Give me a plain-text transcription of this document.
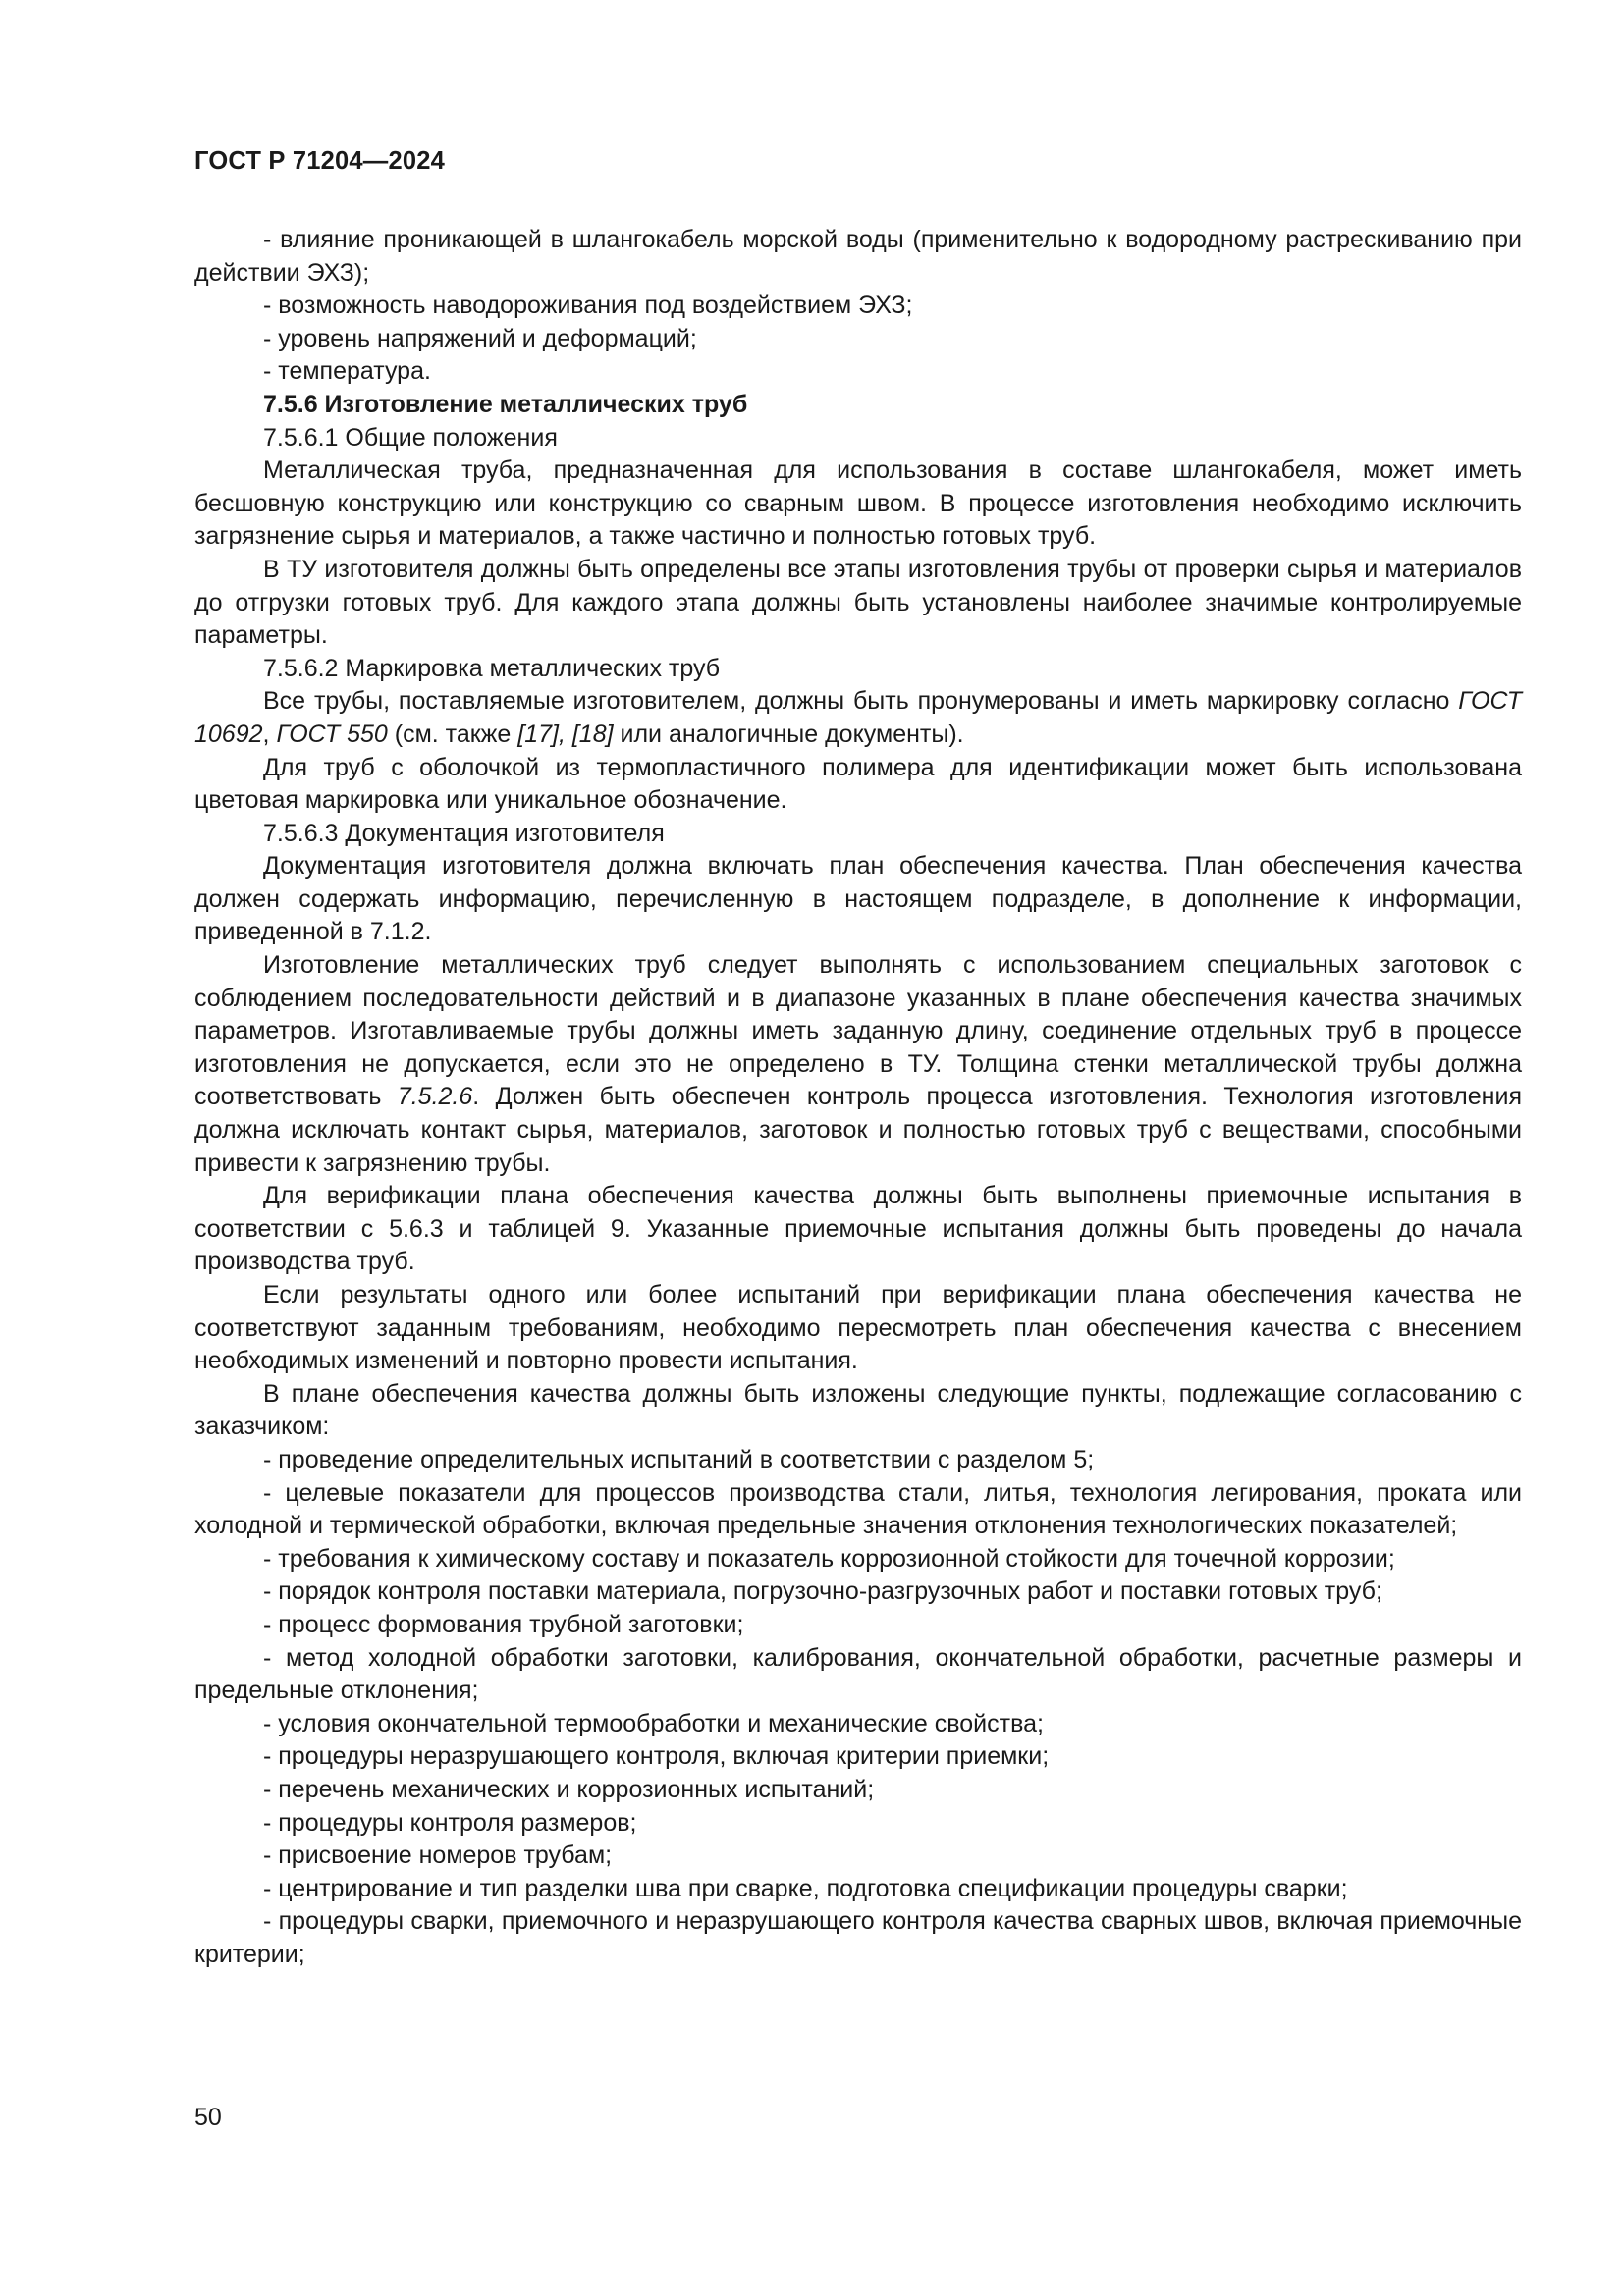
ГОСТ Р 71204—2024

- влияние проникающей в шлангокабель морской воды (применительно к водородному растрескиванию при действии ЭХЗ);

- возможность наводороживания под воздействием ЭХЗ;

- уровень напряжений и деформаций;

- температура.

7.5.6 Изготовление металлических труб

7.5.6.1 Общие положения

Металлическая труба, предназначенная для использования в составе шлангокабеля, может иметь бесшовную конструкцию или конструкцию со сварным швом. В процессе изготовления необходимо исключить загрязнение сырья и материалов, а также частично и полностью готовых труб.

В ТУ изготовителя должны быть определены все этапы изготовления трубы от проверки сырья и материалов до отгрузки готовых труб. Для каждого этапа должны быть установлены наиболее значимые контролируемые параметры.

7.5.6.2 Маркировка металлических труб

Все трубы, поставляемые изготовителем, должны быть пронумерованы и иметь маркировку согласно ГОСТ 10692, ГОСТ 550 (см. также [17], [18] или аналогичные документы).

Для труб с оболочкой из термопластичного полимера для идентификации может быть использована цветовая маркировка или уникальное обозначение.

7.5.6.3 Документация изготовителя

Документация изготовителя должна включать план обеспечения качества. План обеспечения качества должен содержать информацию, перечисленную в настоящем подразделе, в дополнение к информации, приведенной в 7.1.2.

Изготовление металлических труб следует выполнять с использованием специальных заготовок с соблюдением последовательности действий и в диапазоне указанных в плане обеспечения качества значимых параметров. Изготавливаемые трубы должны иметь заданную длину, соединение отдельных труб в процессе изготовления не допускается, если это не определено в ТУ. Толщина стенки металлической трубы должна соответствовать 7.5.2.6. Должен быть обеспечен контроль процесса изготовления. Технология изготовления должна исключать контакт сырья, материалов, заготовок и полностью готовых труб с веществами, способными привести к загрязнению трубы.

Для верификации плана обеспечения качества должны быть выполнены приемочные испытания в соответствии с 5.6.3 и таблицей 9. Указанные приемочные испытания должны быть проведены до начала производства труб.

Если результаты одного или более испытаний при верификации плана обеспечения качества не соответствуют заданным требованиям, необходимо пересмотреть план обеспечения качества с внесением необходимых изменений и повторно провести испытания.

В плане обеспечения качества должны быть изложены следующие пункты, подлежащие согласованию с заказчиком:

- проведение определительных испытаний в соответствии с разделом 5;

- целевые показатели для процессов производства стали, литья, технология легирования, проката или холодной и термической обработки, включая предельные значения отклонения технологических показателей;

- требования к химическому составу и показатель коррозионной стойкости для точечной коррозии;

- порядок контроля поставки материала, погрузочно-разгрузочных работ и поставки готовых труб;

- процесс формования трубной заготовки;

- метод холодной обработки заготовки, калибрования, окончательной обработки, расчетные размеры и предельные отклонения;

- условия окончательной термообработки и механические свойства;

- процедуры неразрушающего контроля, включая критерии приемки;

- перечень механических и коррозионных испытаний;

- процедуры контроля размеров;

- присвоение номеров трубам;

- центрирование и тип разделки шва при сварке, подготовка спецификации процедуры сварки;

- процедуры сварки, приемочного и неразрушающего контроля качества сварных швов, включая приемочные критерии;

50
